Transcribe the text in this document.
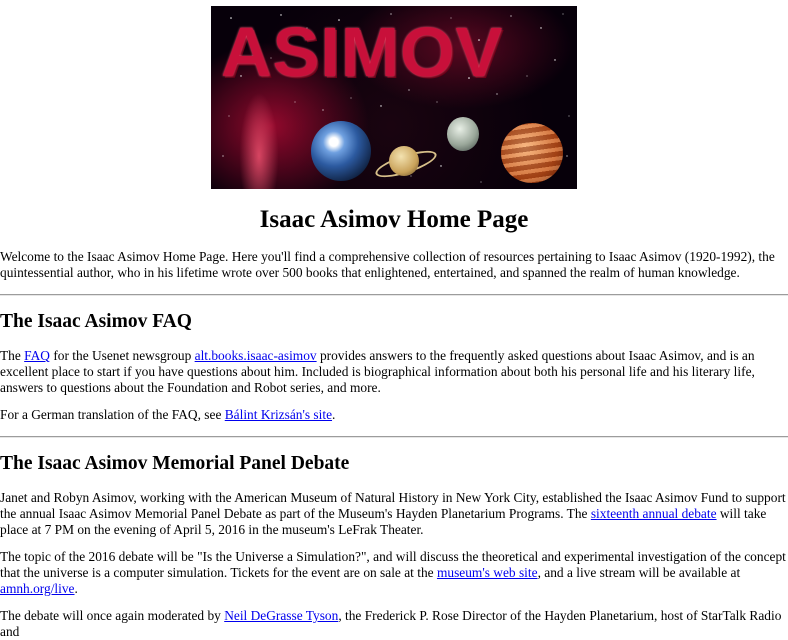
ASIMOV
Isaac Asimov Home Page

Welcome to the Isaac Asimov Home Page. Here you'll find a comprehensive collection of resources pertaining to Isaac Asimov (1920-1992), the quintessential author, who in his lifetime wrote over 500 books that enlightened, entertained, and spanned the realm of human knowledge.

The Isaac Asimov FAQ

The FAQ for the Usenet newsgroup alt.books.isaac-asimov provides answers to the frequently asked questions about Isaac Asimov, and is an excellent place to start if you have questions about him. Included is biographical information about both his personal life and his literary life, answers to questions about the Foundation and Robot series, and more.

For a German translation of the FAQ, see Bálint Krizsán's site.

The Isaac Asimov Memorial Panel Debate

Janet and Robyn Asimov, working with the American Museum of Natural History in New York City, established the Isaac Asimov Fund to support the annual Isaac Asimov Memorial Panel Debate as part of the Museum's Hayden Planetarium Programs. The sixteenth annual debate will take place at 7 PM on the evening of April 5, 2016 in the museum's LeFrak Theater.

The topic of the 2016 debate will be "Is the Universe a Simulation?", and will discuss the theoretical and experimental investigation of the concept that the universe is a computer simulation. Tickets for the event are on sale at the museum's web site, and a live stream will be available at amnh.org/live.

The debate will once again moderated by Neil DeGrasse Tyson, the Frederick P. Rose Director of the Hayden Planetarium, host of StarTalk Radio and
